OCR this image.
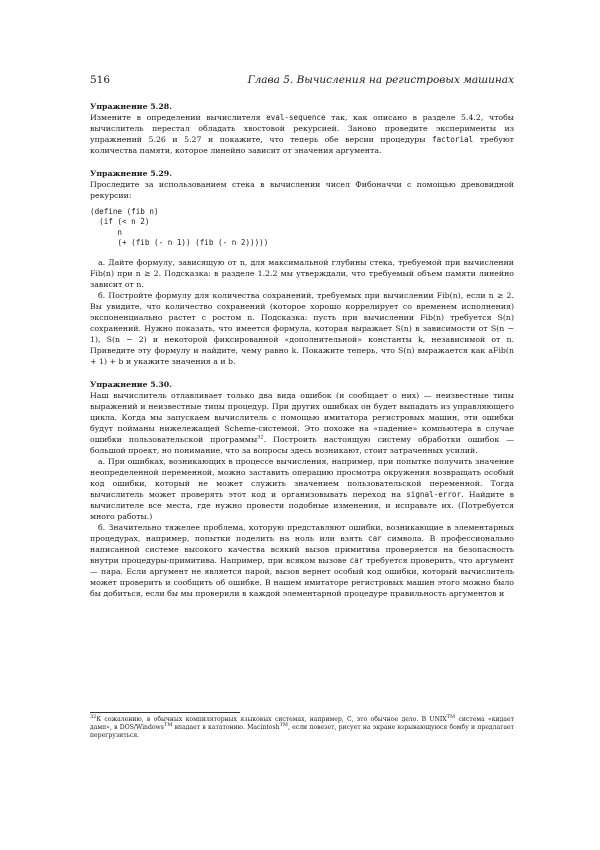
516	Глава 5. Вычисления на регистровых машинах

Упражнение 5.28.

Измените в определении вычислителя eval-sequence так, как описано в разделе 5.4.2, чтобы вычислитель перестал обладать хвостовой рекурсией. Заново проведите эксперименты из упражнений 5.26 и 5.27 и покажите, что теперь обе версии процедуры factorial требуют количества памяти, которое линейно зависит от значения аргумента.

Упражнение 5.29.

Проследите за использованием стека в вычислении чисел Фибоначчи с помощью древовидной рекурсии:

(define (fib n)
(if (< n 2)
n
(+ (fib (- n 1)) (fib (- n 2)))))

а. Дайте формулу, зависящую от n, для максимальной глубины стека, требуемой при вычислении Fib(n) при n ≥ 2. Подсказка: в разделе 1.2.2 мы утверждали, что требуемый объем памяти линейно зависит от n.

б. Постройте формулу для количества сохранений, требуемых при вычислении Fib(n), если n ≥ 2. Вы увидите, что количество сохранений (которое хорошо коррелирует со временем исполнения) экспоненциально растет с ростом n. Подсказка: пусть при вычислении Fib(n) требуется S(n) сохранений. Нужно показать, что имеется формула, которая выражает S(n) в зависимости от S(n − 1), S(n − 2) и некоторой фиксированной «дополнительной» константы k, независимой от n. Приведите эту формулу и найдите, чему равно k. Покажите теперь, что S(n) выражается как aFib(n + 1) + b и укажите значения a и b.

Упражнение 5.30.

Наш вычислитель отлавливает только два вида ошибок (и сообщает о них) — неизвестные типы выражений и неизвестные типы процедур. При других ошибках он будет выпадать из управляющего цикла. Когда мы запускаем вычислитель с помощью имитатора регистровых машин, эти ошибки будут пойманы нижележащей Scheme-системой. Это похоже на «падение» компьютера в случае ошибки пользовательской программы$^{32}$. Построить настоящую систему обработки ошибок — большой проект, но понимание, что за вопросы здесь возникают, стоит затраченных усилий.

а. При ошибках, возникающих в процессе вычисления, например, при попытке получить значение неопределенной переменной, можно заставить операцию просмотра окружения возвращать особый код ошибки, который не может служить значением пользовательской переменной. Тогда вычислитель может проверять этот код и организовывать переход на signal-error. Найдите в вычислителе все места, где нужно провести подобные изменения, и исправьте их. (Потребуется много работы.)

б. Значительно тяжелее проблема, которую представляют ошибки, возникающие в элементарных процедурах, например, попытки поделить на ноль или взять car символа. В профессионально написанной системе высокого качества всякий вызов примитива проверяется на безопасность внутри процедуры-примитива. Например, при всяком вызове car требуется проверить, что аргумент — пара. Если аргумент не является парой, вызов вернет особый код ошибки, который вычислитель может проверить и сообщить об ошибке. В нашем имитаторе регистровых машин этого можно было бы добиться, если бы мы проверили в каждой элементарной процедуре правильность аргументов и

$^{32}$К сожалению, в обычных компиляторных языковых системах, например, C, это обычное дело. В UNIX™ система «кидает дамп», в DOS/Windows™ впадает в кататонию. Macintosh™, если повезет, рисует на экране взрывающуюся бомбу и предлагает перегрузиться.
